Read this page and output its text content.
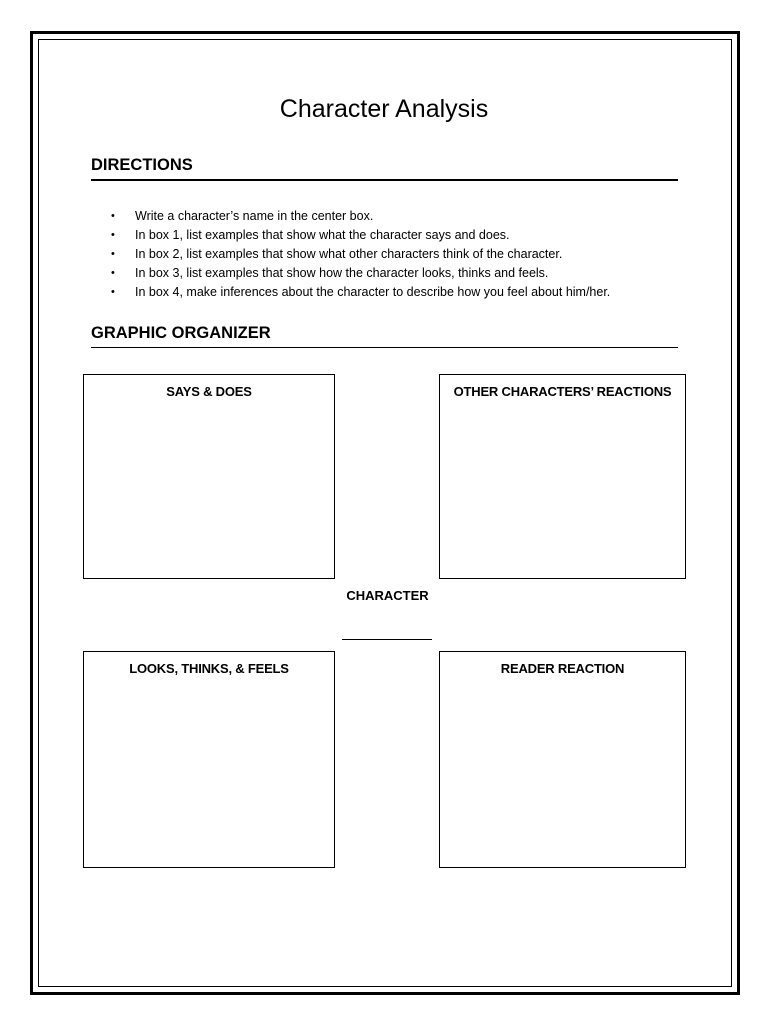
Character Analysis
DIRECTIONS
• Write a character’s name in the center box.
• In box 1, list examples that show what the character says and does.
• In box 2, list examples that show what other characters think of the character.
• In box 3, list examples that show how the character looks, thinks and feels.
• In box 4, make inferences about the character to describe how you feel about him/her.
GRAPHIC ORGANIZER
SAYS & DOES	OTHER CHARACTERS’ REACTIONS
CHARACTER
LOOKS, THINKS, & FEELS	READER REACTION
